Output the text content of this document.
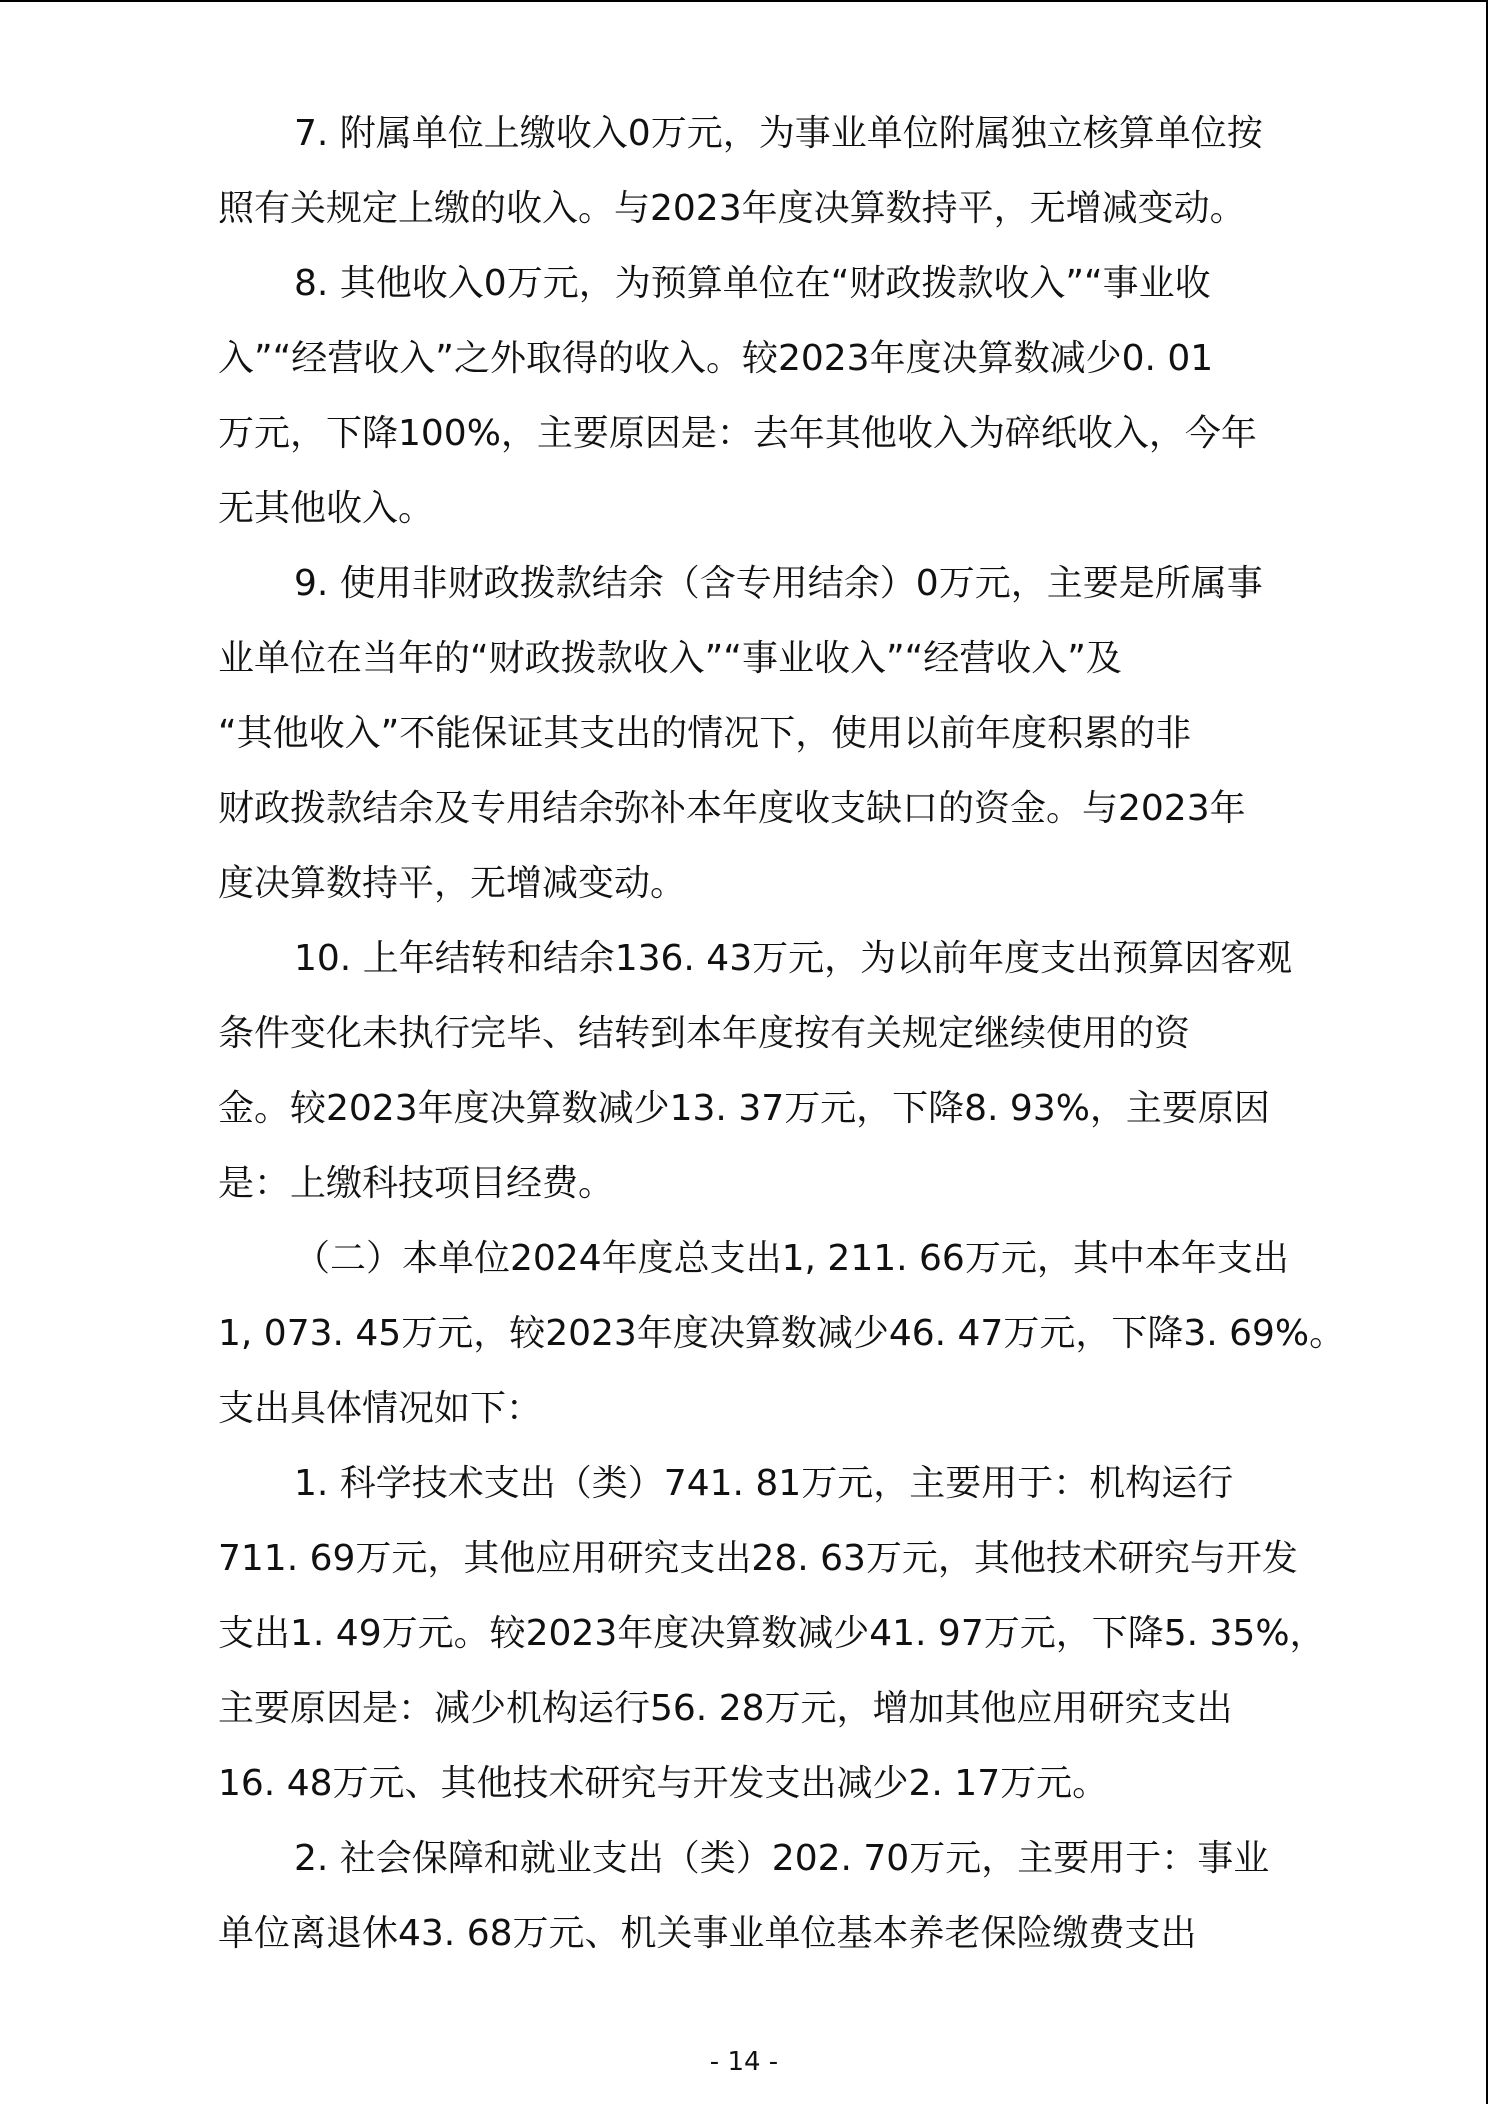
7. 附属单位上缴收入0万元，为事业单位附属独立核算单位按
照有关规定上缴的收入。与2023年度决算数持平，无增减变动。
8. 其他收入0万元，为预算单位在“财政拨款收入”“事业收
入”“经营收入”之外取得的收入。较2023年度决算数减少0. 01
万元，下降100%，主要原因是：去年其他收入为碎纸收入，今年
无其他收入。
9. 使用非财政拨款结余（含专用结余）0万元，主要是所属事
业单位在当年的“财政拨款收入”“事业收入”“经营收入”及
“其他收入”不能保证其支出的情况下，使用以前年度积累的非
财政拨款结余及专用结余弥补本年度收支缺口的资金。与2023年
度决算数持平，无增减变动。
10. 上年结转和结余136. 43万元，为以前年度支出预算因客观
条件变化未执行完毕、结转到本年度按有关规定继续使用的资
金。较2023年度决算数减少13. 37万元，下降8. 93%，主要原因
是：上缴科技项目经费。
（二）本单位2024年度总支出1, 211. 66万元，其中本年支出
1, 073. 45万元，较2023年度决算数减少46. 47万元，下降3. 69%。
支出具体情况如下：
1. 科学技术支出（类）741. 81万元，主要用于：机构运行
711. 69万元，其他应用研究支出28. 63万元，其他技术研究与开发
支出1. 49万元。较2023年度决算数减少41. 97万元，下降5. 35%，
主要原因是：减少机构运行56. 28万元，增加其他应用研究支出
16. 48万元、其他技术研究与开发支出减少2. 17万元。
2. 社会保障和就业支出（类）202. 70万元，主要用于：事业
单位离退休43. 68万元、机关事业单位基本养老保险缴费支出
- 14 -
